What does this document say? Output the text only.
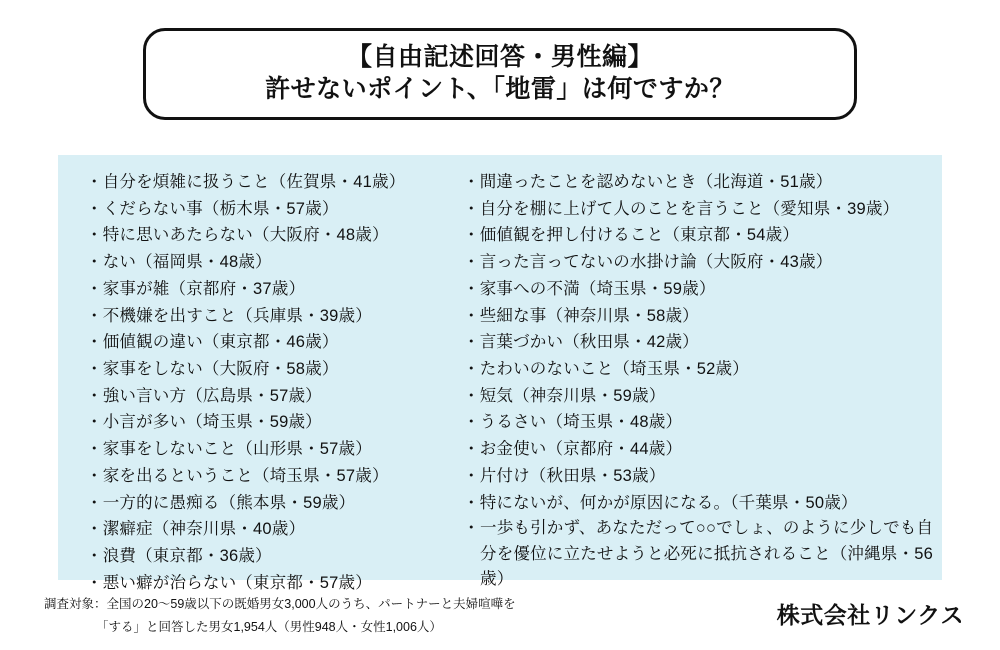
【自由記述回答・男性編】
許せないポイント、「地雷」は何ですか？
・自分を煩雑に扱うこと（佐賀県・41歳）
・くだらない事（栃木県・57歳）
・特に思いあたらない（大阪府・48歳）
・ない（福岡県・48歳）
・家事が雑（京都府・37歳）
・不機嫌を出すこと（兵庫県・39歳）
・価値観の違い（東京都・46歳）
・家事をしない（大阪府・58歳）
・強い言い方（広島県・57歳）
・小言が多い（埼玉県・59歳）
・家事をしないこと（山形県・57歳）
・家を出るということ（埼玉県・57歳）
・一方的に愚痴る（熊本県・59歳）
・潔癖症（神奈川県・40歳）
・浪費（東京都・36歳）
・悪い癖が治らない（東京都・57歳）
・間違ったことを認めないとき（北海道・51歳）
・自分を棚に上げて人のことを言うこと（愛知県・39歳）
・価値観を押し付けること（東京都・54歳）
・言った言ってないの水掛け論（大阪府・43歳）
・家事への不満（埼玉県・59歳）
・些細な事（神奈川県・58歳）
・言葉づかい（秋田県・42歳）
・たわいのないこと（埼玉県・52歳）
・短気（神奈川県・59歳）
・うるさい（埼玉県・48歳）
・お金使い（京都府・44歳）
・片付け（秋田県・53歳）
・特にないが、何かが原因になる。（千葉県・50歳）
・ 一歩も引かず、あなただって○○でしょ、のように少しでも自分を優位に立たせようと必死に抵抗されること（沖縄県・56歳）
調査対象：全国の20〜59歳以下の既婚男女3,000人のうち、パートナーと夫婦喧嘩を
「する」と回答した男女1,954人（男性948人・女性1,006人）	株式会社リンクス
